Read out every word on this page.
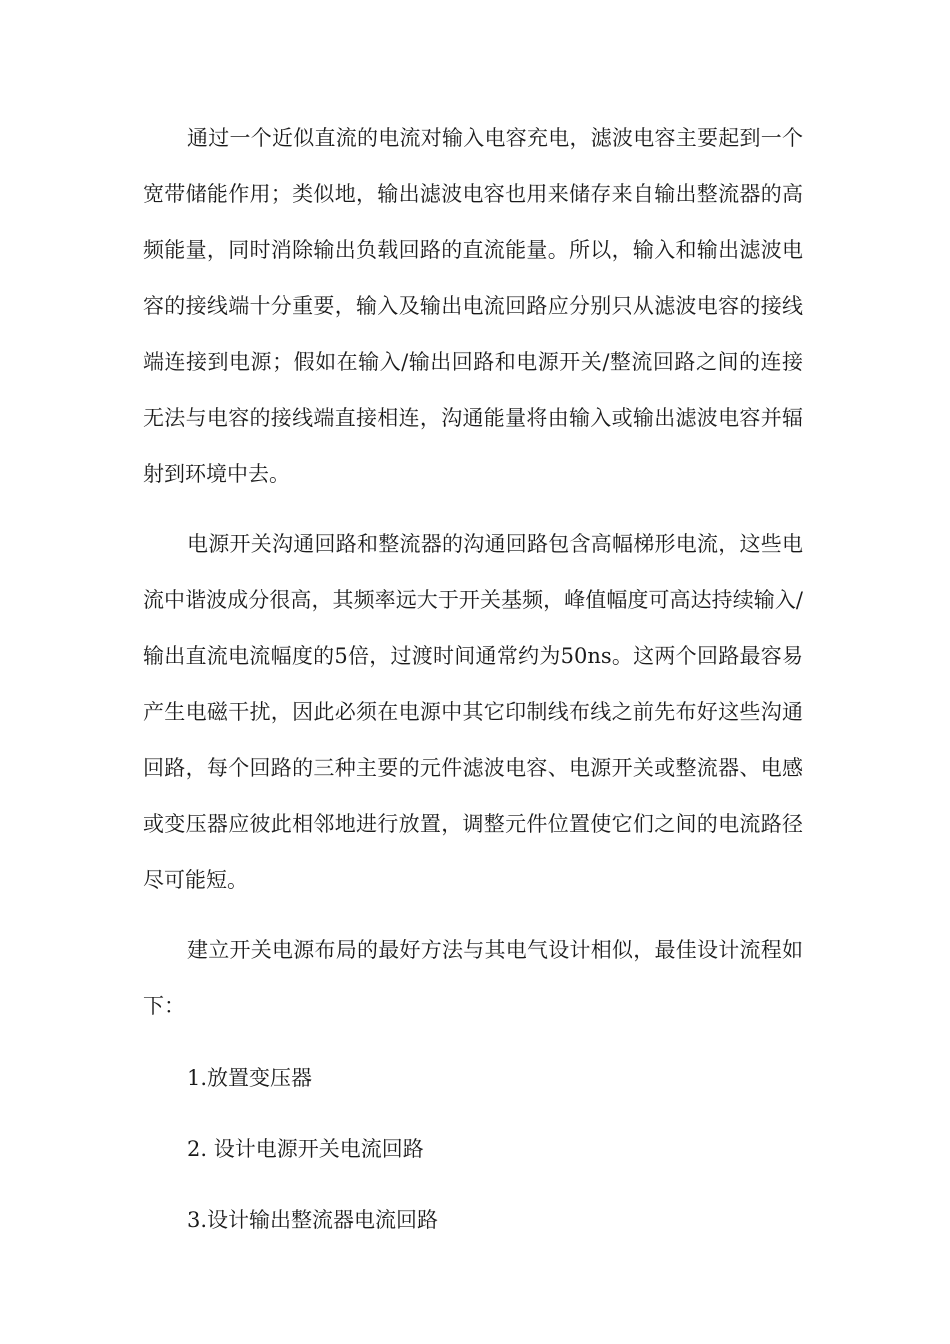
通过一个近似直流的电流对输入电容充电，滤波电容主要起到一个宽带储能作用；类似地，输出滤波电容也用来储存来自输出整流器的高频能量，同时消除输出负载回路的直流能量。所以，输入和输出滤波电容的接线端十分重要，输入及输出电流回路应分别只从滤波电容的接线端连接到电源；假如在输入/输出回路和电源开关/整流回路之间的连接无法与电容的接线端直接相连，沟通能量将由输入或输出滤波电容并辐射到环境中去。

电源开关沟通回路和整流器的沟通回路包含高幅梯形电流，这些电流中谐波成分很高，其频率远大于开关基频，峰值幅度可高达持续输入/输出直流电流幅度的5倍，过渡时间通常约为50ns。这两个回路最容易产生电磁干扰，因此必须在电源中其它印制线布线之前先布好这些沟通回路，每个回路的三种主要的元件滤波电容、电源开关或整流器、电感或变压器应彼此相邻地进行放置，调整元件位置使它们之间的电流路径尽可能短。

建立开关电源布局的最好方法与其电气设计相似，最佳设计流程如下：

1.放置变压器

2. 设计电源开关电流回路

3.设计输出整流器电流回路
